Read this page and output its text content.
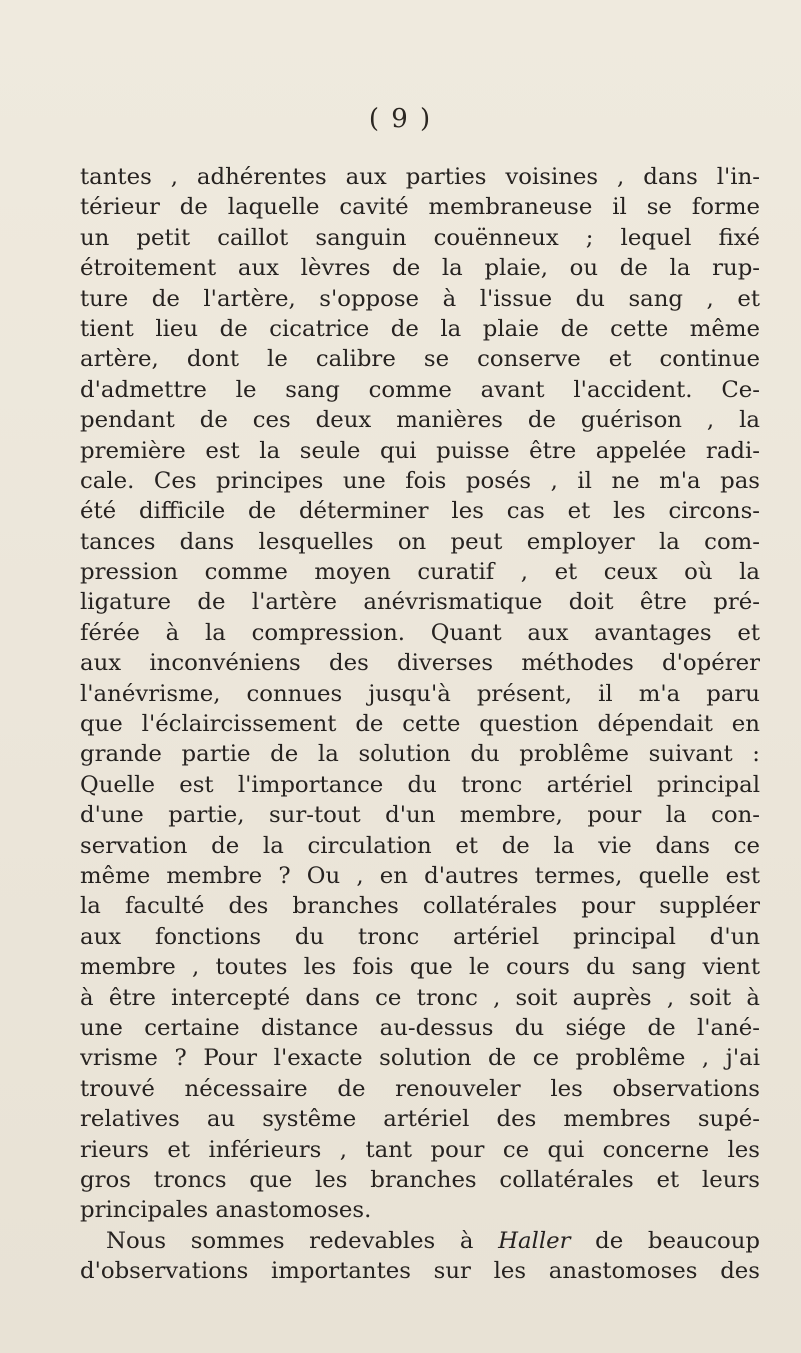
( 9 )
tantes , adhérentes aux parties voisines , dans l'in-
térieur de laquelle cavité membraneuse il se forme
un petit caillot sanguin couënneux ; lequel fixé
étroitement aux lèvres de la plaie, ou de la rup-
ture de l'artère, s'oppose à l'issue du sang , et
tient lieu de cicatrice de la plaie de cette même
artère, dont le calibre se conserve et continue
d'admettre le sang comme avant l'accident. Ce-
pendant de ces deux manières de guérison , la
première est la seule qui puisse être appelée radi-
cale. Ces principes une fois posés , il ne m'a pas
été difficile de déterminer les cas et les circons-
tances dans lesquelles on peut employer la com-
pression comme moyen curatif , et ceux où la
ligature de l'artère anévrismatique doit être pré-
férée à la compression. Quant aux avantages et
aux inconvéniens des diverses méthodes d'opérer
l'anévrisme, connues jusqu'à présent, il m'a paru
que l'éclaircissement de cette question dépendait en
grande partie de la solution du problême suivant :
Quelle est l'importance du tronc artériel principal
d'une partie, sur-tout d'un membre, pour la con-
servation de la circulation et de la vie dans ce
même membre ? Ou , en d'autres termes, quelle est
la faculté des branches collatérales pour suppléer
aux fonctions du tronc artériel principal d'un
membre , toutes les fois que le cours du sang vient
à être intercepté dans ce tronc , soit auprès , soit à
une certaine distance au-dessus du siége de l'ané-
vrisme ? Pour l'exacte solution de ce problême , j'ai
trouvé nécessaire de renouveler les observations
relatives au systême artériel des membres supé-
rieurs et inférieurs , tant pour ce qui concerne les
gros troncs que les branches collatérales et leurs
principales anastomoses.
Nous sommes redevables à Haller de beaucoup
d'observations importantes sur les anastomoses des
